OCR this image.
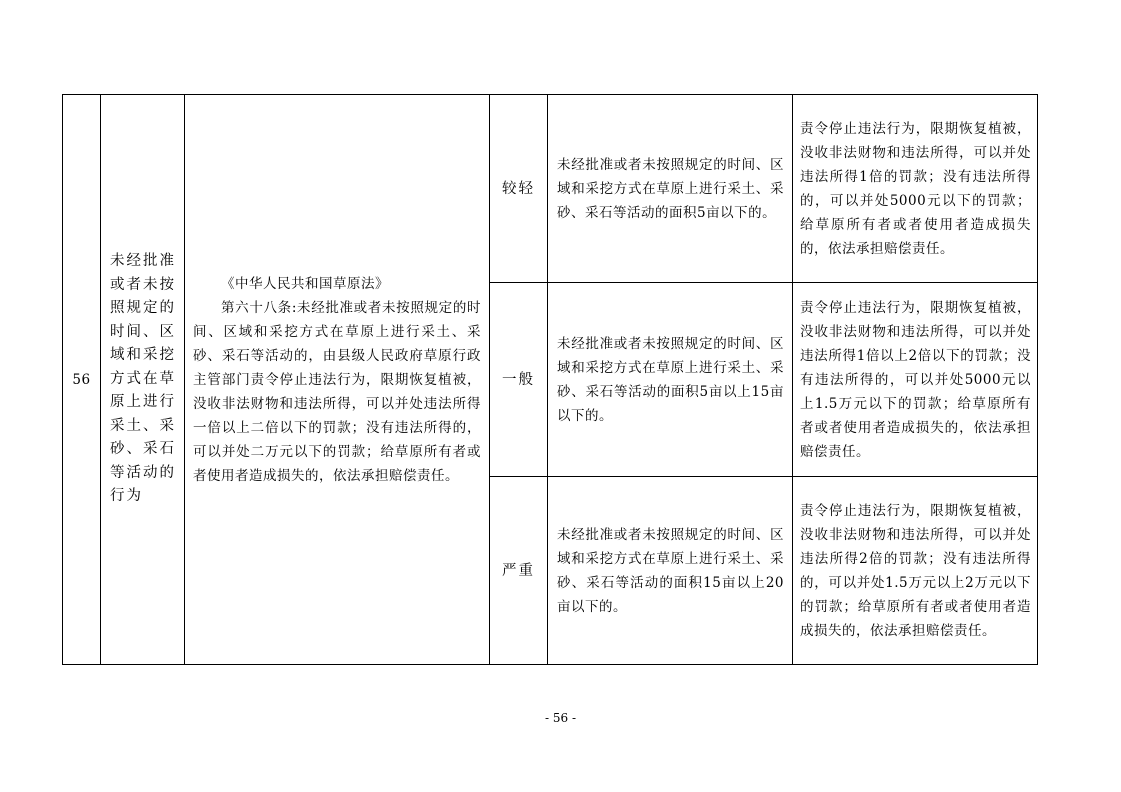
56	未经批准或者未按照规定的时间、区域和采挖方式在草原上进行采土、采砂、采石等活动的行为	《中华人民共和国草原法》
第六十八条:未经批准或者未按照规定的时间、区域和采挖方式在草原上进行采土、采砂、采石等活动的，由县级人民政府草原行政主管部门责令停止违法行为，限期恢复植被，没收非法财物和违法所得，可以并处违法所得一倍以上二倍以下的罚款；没有违法所得的，可以并处二万元以下的罚款；给草原所有者或者使用者造成损失的，依法承担赔偿责任。	较轻	未经批准或者未按照规定的时间、区域和采挖方式在草原上进行采土、采砂、采石等活动的面积5亩以下的。	责令停止违法行为，限期恢复植被，没收非法财物和违法所得，可以并处违法所得1倍的罚款；没有违法所得的，可以并处5000元以下的罚款；给草原所有者或者使用者造成损失的，依法承担赔偿责任。
			一般	未经批准或者未按照规定的时间、区域和采挖方式在草原上进行采土、采砂、采石等活动的面积5亩以上15亩以下的。	责令停止违法行为，限期恢复植被，没收非法财物和违法所得，可以并处违法所得1倍以上2倍以下的罚款；没有违法所得的，可以并处5000元以上1.5万元以下的罚款；给草原所有者或者使用者造成损失的，依法承担赔偿责任。
			严重	未经批准或者未按照规定的时间、区域和采挖方式在草原上进行采土、采砂、采石等活动的面积15亩以上20亩以下的。	责令停止违法行为，限期恢复植被，没收非法财物和违法所得，可以并处违法所得2倍的罚款；没有违法所得的，可以并处1.5万元以上2万元以下的罚款；给草原所有者或者使用者造成损失的，依法承担赔偿责任。
- 56 -
